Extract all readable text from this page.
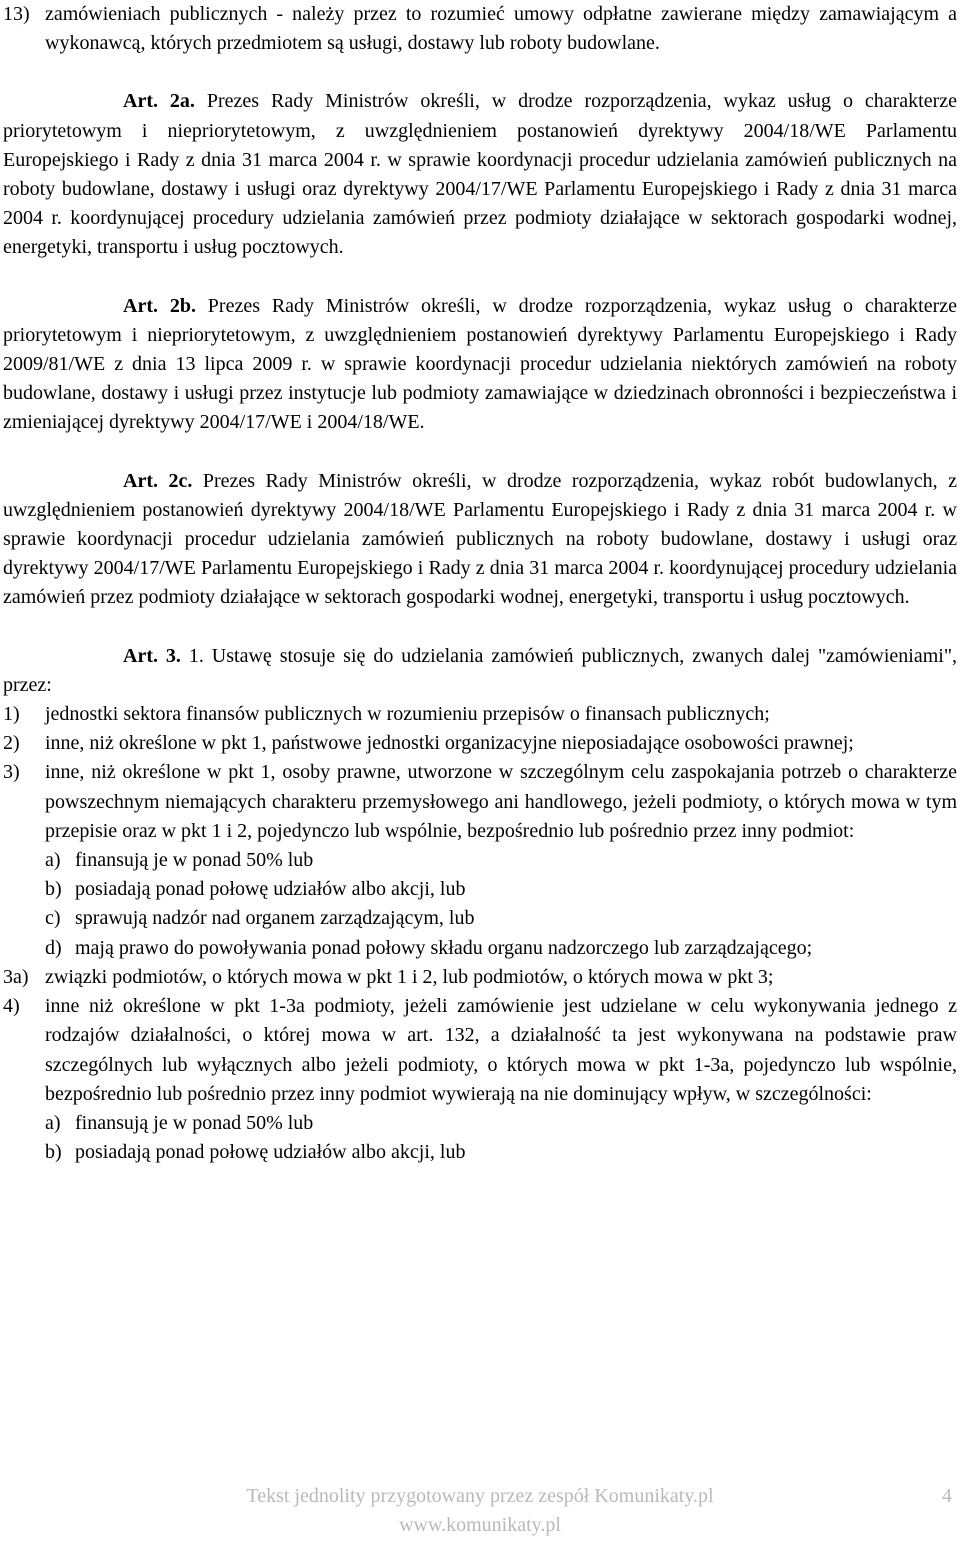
13) zamówieniach publicznych - należy przez to rozumieć umowy odpłatne zawierane między zamawiającym a wykonawcą, których przedmiotem są usługi, dostawy lub roboty budowlane.

Art. 2a. Prezes Rady Ministrów określi, w drodze rozporządzenia, wykaz usług o charakterze priorytetowym i niepriorytetowym, z uwzględnieniem postanowień dyrektywy 2004/18/WE Parlamentu Europejskiego i Rady z dnia 31 marca 2004 r. w sprawie koordynacji procedur udzielania zamówień publicznych na roboty budowlane, dostawy i usługi oraz dyrektywy 2004/17/WE Parlamentu Europejskiego i Rady z dnia 31 marca 2004 r. koordynującej procedury udzielania zamówień przez podmioty działające w sektorach gospodarki wodnej, energetyki, transportu i usług pocztowych.

Art. 2b. Prezes Rady Ministrów określi, w drodze rozporządzenia, wykaz usług o charakterze priorytetowym i niepriorytetowym, z uwzględnieniem postanowień dyrektywy Parlamentu Europejskiego i Rady 2009/81/WE z dnia 13 lipca 2009 r. w sprawie koordynacji procedur udzielania niektórych zamówień na roboty budowlane, dostawy i usługi przez instytucje lub podmioty zamawiające w dziedzinach obronności i bezpieczeństwa i zmieniającej dyrektywy 2004/17/WE i 2004/18/WE.

Art. 2c. Prezes Rady Ministrów określi, w drodze rozporządzenia, wykaz robót budowlanych, z uwzględnieniem postanowień dyrektywy 2004/18/WE Parlamentu Europejskiego i Rady z dnia 31 marca 2004 r. w sprawie koordynacji procedur udzielania zamówień publicznych na roboty budowlane, dostawy i usługi oraz dyrektywy 2004/17/WE Parlamentu Europejskiego i Rady z dnia 31 marca 2004 r. koordynującej procedury udzielania zamówień przez podmioty działające w sektorach gospodarki wodnej, energetyki, transportu i usług pocztowych.

Art. 3. 1. Ustawę stosuje się do udzielania zamówień publicznych, zwanych dalej "zamówieniami", przez:

1)	jednostki sektora finansów publicznych w rozumieniu przepisów o finansach publicznych;
2)	inne, niż określone w pkt 1, państwowe jednostki organizacyjne nieposiadające osobowości prawnej;
3)	inne, niż określone w pkt 1, osoby prawne, utworzone w szczególnym celu zaspokajania potrzeb o charakterze powszechnym niemających charakteru przemysłowego ani handlowego, jeżeli podmioty, o których mowa w tym przepisie oraz w pkt 1 i 2, pojedynczo lub wspólnie, bezpośrednio lub pośrednio przez inny podmiot:
a) finansują je w ponad 50% lub
b) posiadają ponad połowę udziałów albo akcji, lub
c) sprawują nadzór nad organem zarządzającym, lub
d) mają prawo do powoływania ponad połowy składu organu nadzorczego lub zarządzającego;
3a) związki podmiotów, o których mowa w pkt 1 i 2, lub podmiotów, o których mowa w pkt 3;
4)	inne niż określone w pkt 1-3a podmioty, jeżeli zamówienie jest udzielane w celu wykonywania jednego z rodzajów działalności, o której mowa w art. 132, a działalność ta jest wykonywana na podstawie praw szczególnych lub wyłącznych albo jeżeli podmioty, o których mowa w pkt 1-3a, pojedynczo lub wspólnie, bezpośrednio lub pośrednio przez inny podmiot wywierają na nie dominujący wpływ, w szczególności:
a) finansują je w ponad 50% lub
b) posiadają ponad połowę udziałów albo akcji, lub
Tekst jednolity przygotowany przez zespół Komunikaty.pl
www.komunikaty.pl
4
